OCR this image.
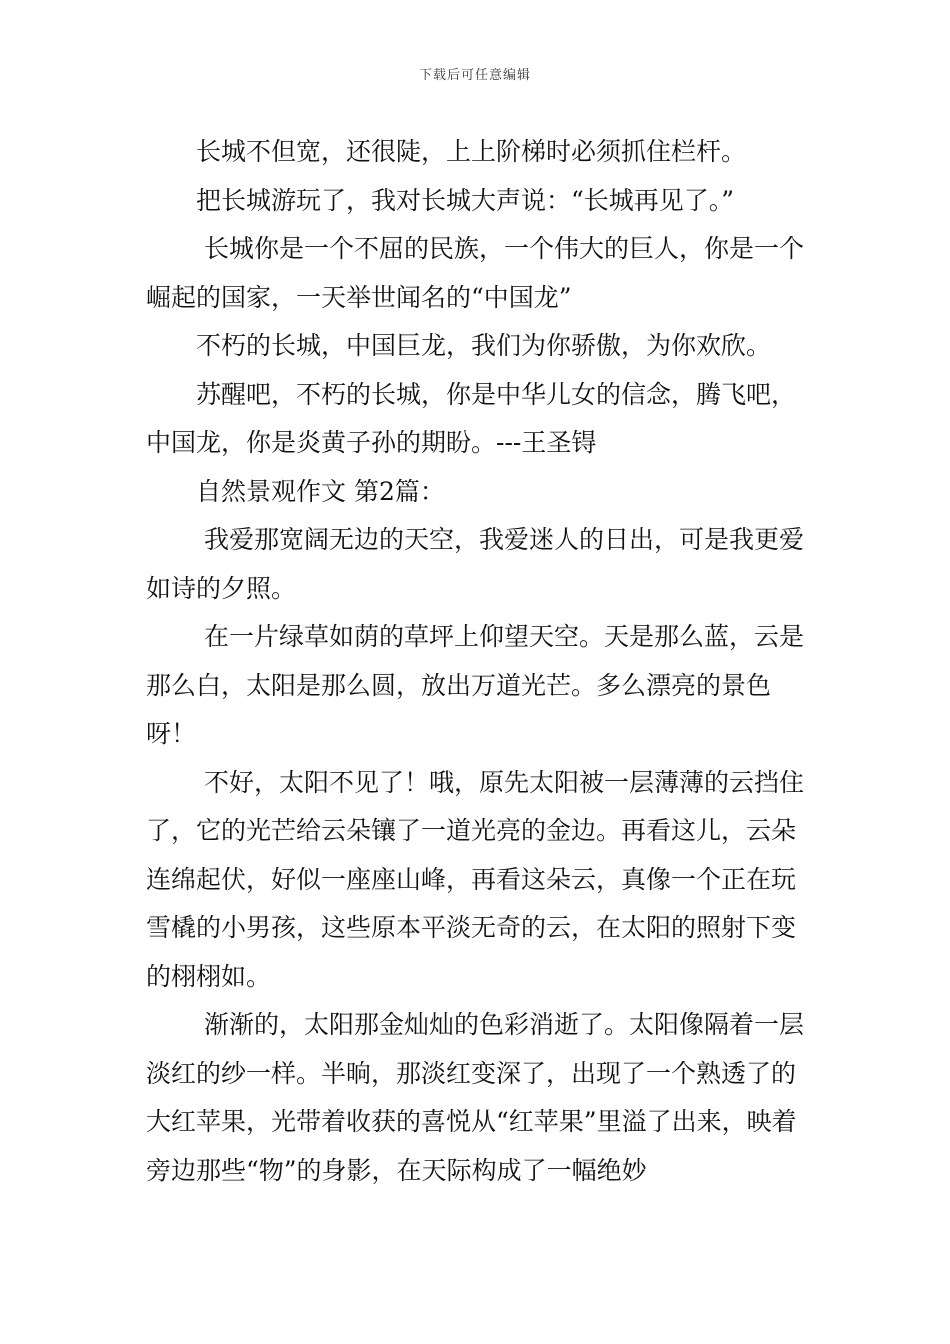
下载后可任意编辑

长城不但宽，还很陡，上上阶梯时必须抓住栏杆。

把长城游玩了，我对长城大声说：“长城再见了。”

长城你是一个不屈的民族，一个伟大的巨人，你是一个崛起的国家，一天举世闻名的“中国龙”

不朽的长城，中国巨龙，我们为你骄傲，为你欢欣。

苏醒吧，不朽的长城，你是中华儿女的信念，腾飞吧，中国龙，你是炎黄子孙的期盼。---王圣锝

自然景观作文 第2篇：

我爱那宽阔无边的天空，我爱迷人的日出，可是我更爱如诗的夕照。

在一片绿草如荫的草坪上仰望天空。天是那么蓝，云是那么白，太阳是那么圆，放出万道光芒。多么漂亮的景色呀！

不好，太阳不见了！哦，原先太阳被一层薄薄的云挡住了，它的光芒给云朵镶了一道光亮的金边。再看这儿，云朵连绵起伏，好似一座座山峰，再看这朵云，真像一个正在玩雪橇的小男孩，这些原本平淡无奇的云，在太阳的照射下变的栩栩如。

渐渐的，太阳那金灿灿的色彩消逝了。太阳像隔着一层淡红的纱一样。半晌，那淡红变深了，出现了一个熟透了的大红苹果，光带着收获的喜悦从“红苹果”里溢了出来，映着旁边那些“物”的身影，在天际构成了一幅绝妙
